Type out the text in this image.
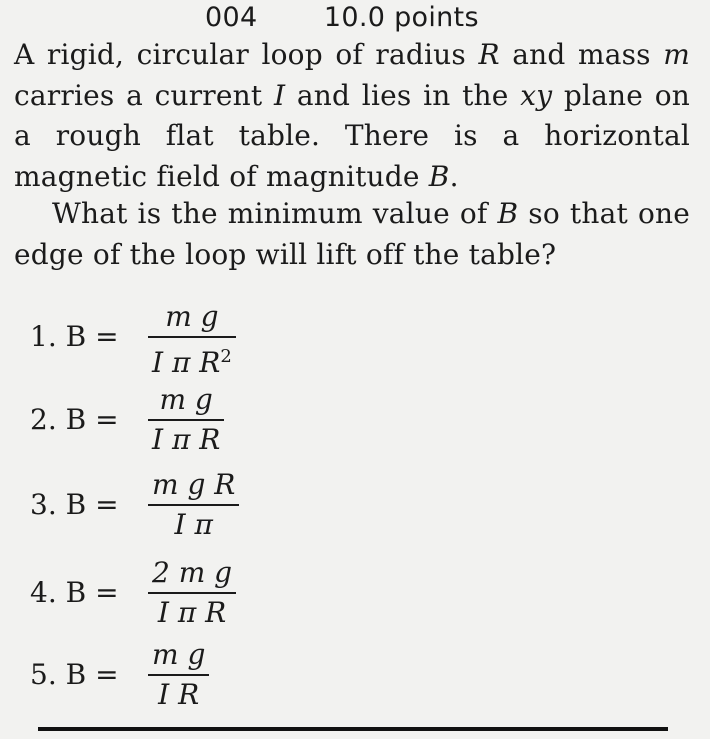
004 10.0 points
A rigid, circular loop of radius R and mass m carries a current I and lies in the xy plane on a rough flat table. There is a horizontal magnetic field of magnitude B.
What is the minimum value of B so that one edge of the loop will lift off the table?
1. B =
m g
I π $R^2$
2. B =
m g
I π R
3. B =
m g R
I π
4. B =
2 m g
I π R
5. B =
m g
I R
